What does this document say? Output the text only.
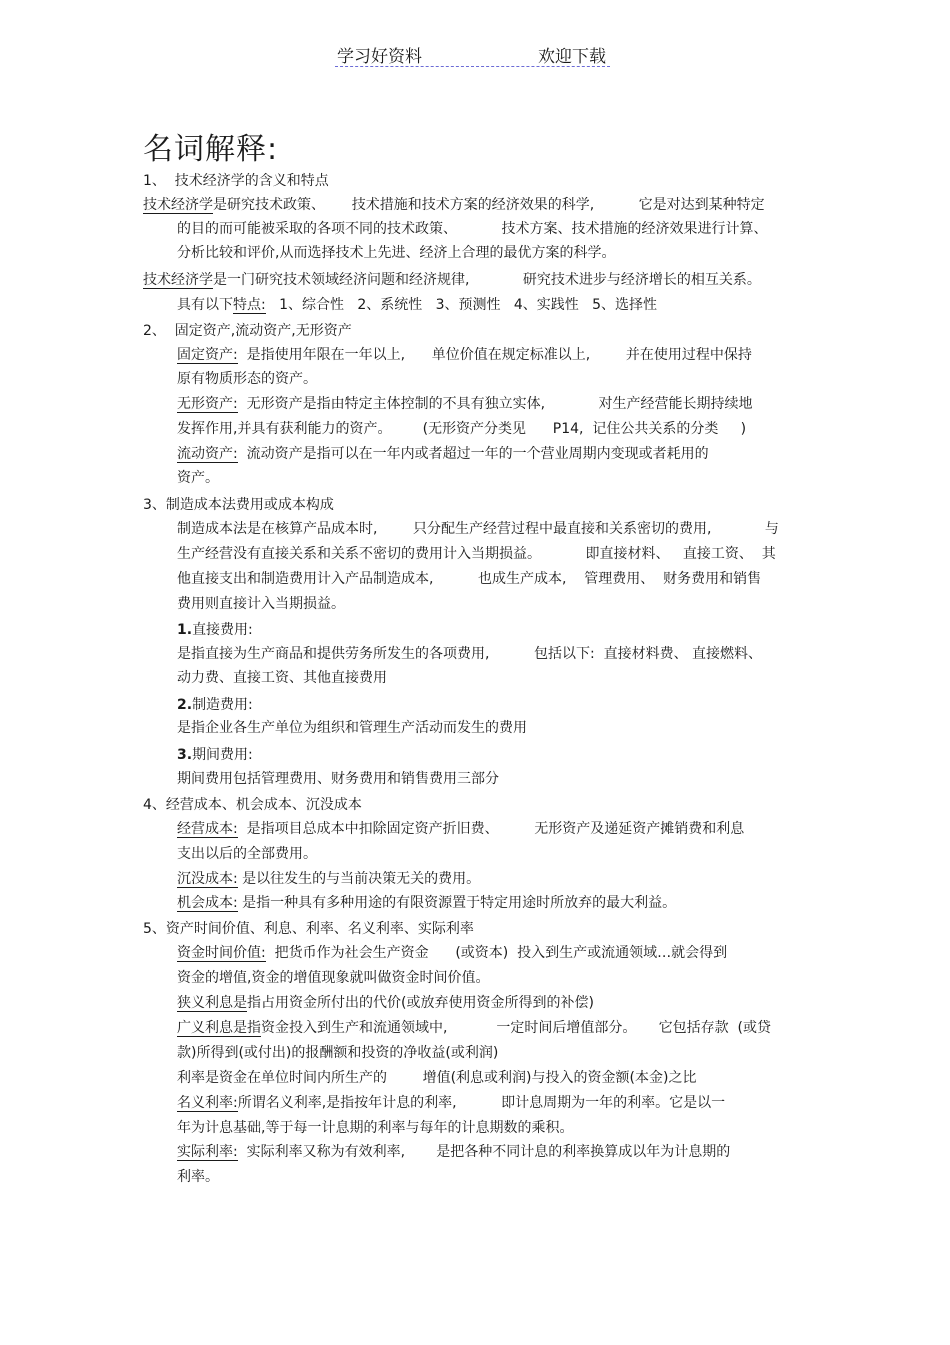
学习好资料	欢迎下载
名词解释:
1、  技术经济学的含义和特点
技术经济学是研究技术政策、      技术措施和技术方案的经济效果的科学,          它是对达到某种特定
的目的而可能被采取的各项不同的技术政策、          技术方案、技术措施的经济效果进行计算、
分析比较和评价,从而选择技术上先进、经济上合理的最优方案的科学。
技术经济学是一门研究技术领域经济问题和经济规律,            研究技术进步与经济增长的相互关系。
具有以下特点:   1、综合性   2、系统性   3、预测性   4、实践性   5、选择性
2、  固定资产,流动资产,无形资产
固定资产:  是指使用年限在一年以上,      单位价值在规定标准以上,        并在使用过程中保持
原有物质形态的资产。
无形资产:  无形资产是指由特定主体控制的不具有独立实体,            对生产经营能长期持续地
发挥作用,并具有获利能力的资产。       (无形资产分类见      P14,  记住公共关系的分类     )
流动资产:  流动资产是指可以在一年内或者超过一年的一个营业周期内变现或者耗用的
资产。
3、制造成本法费用或成本构成
制造成本法是在核算产品成本时,        只分配生产经营过程中最直接和关系密切的费用,            与
生产经营没有直接关系和关系不密切的费用计入当期损益。          即直接材料、   直接工资、  其
他直接支出和制造费用计入产品制造成本,          也成生产成本,    管理费用、  财务费用和销售
费用则直接计入当期损益。
1.直接费用:
是指直接为生产商品和提供劳务所发生的各项费用,          包括以下:  直接材料费、 直接燃料、
动力费、直接工资、其他直接费用
2.制造费用:
是指企业各生产单位为组织和管理生产活动而发生的费用
3.期间费用:
期间费用包括管理费用、财务费用和销售费用三部分
4、经营成本、机会成本、沉没成本
经营成本:  是指项目总成本中扣除固定资产折旧费、        无形资产及递延资产摊销费和利息
支出以后的全部费用。
沉没成本: 是以往发生的与当前决策无关的费用。
机会成本: 是指一种具有多种用途的有限资源置于特定用途时所放弃的最大利益。
5、资产时间价值、利息、利率、名义利率、实际利率
资金时间价值:  把货币作为社会生产资金      (或资本)  投入到生产或流通领域…就会得到
资金的增值,资金的增值现象就叫做资金时间价值。
狭义利息是指占用资金所付出的代价(或放弃使用资金所得到的补偿)
广义利息是指资金投入到生产和流通领域中,           一定时间后增值部分。     它包括存款  (或贷
款)所得到(或付出)的报酬额和投资的净收益(或利润)
利率是资金在单位时间内所生产的        增值(利息或利润)与投入的资金额(本金)之比
名义利率:所谓名义利率,是指按年计息的利率,          即计息周期为一年的利率。它是以一
年为计息基础,等于每一计息期的利率与每年的计息期数的乘积。
实际利率:  实际利率又称为有效利率,       是把各种不同计息的利率换算成以年为计息期的
利率。
